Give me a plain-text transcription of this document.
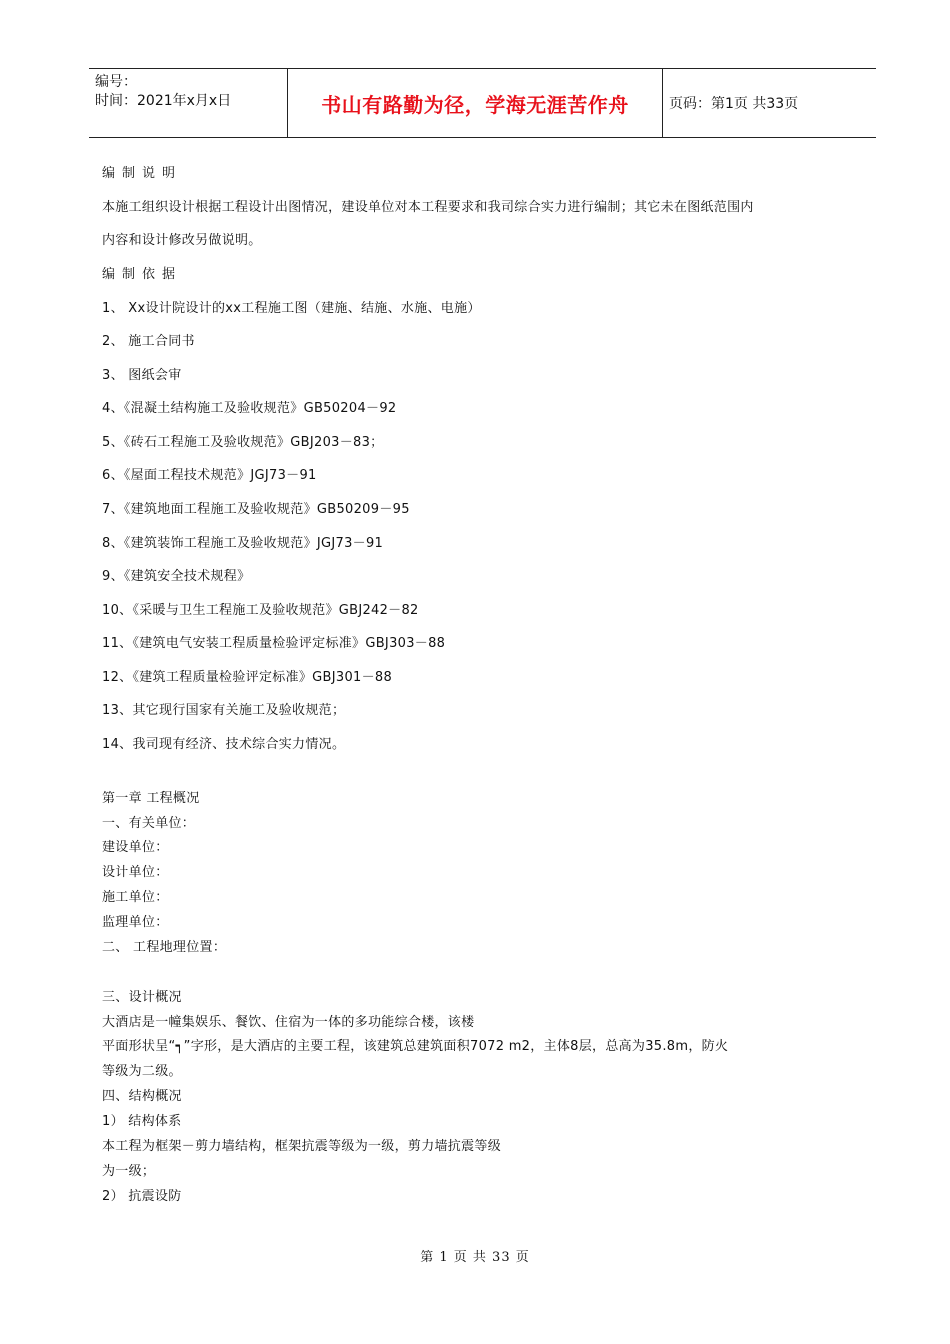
编号：
时间：2021年x月x日	书山有路勤为径，学海无涯苦作舟	页码：第1页 共33页
编制说明
本施工组织设计根据工程设计出图情况，建设单位对本工程要求和我司综合实力进行编制；其它未在图纸范围内
内容和设计修改另做说明。
编制依据
1、 Xx设计院设计的xx工程施工图（建施、结施、水施、电施）
2、 施工合同书
3、 图纸会审
4、《混凝土结构施工及验收规范》GB50204－92
5、《砖石工程施工及验收规范》GBJ203－83；
6、《屋面工程技术规范》JGJ73－91
7、《建筑地面工程施工及验收规范》GB50209－95
8、《建筑装饰工程施工及验收规范》JGJ73－91
9、《建筑安全技术规程》
10、《采暖与卫生工程施工及验收规范》GBJ242－82
11、《建筑电气安装工程质量检验评定标准》GBJ303－88
12、《建筑工程质量检验评定标准》GBJ301－88
13、其它现行国家有关施工及验收规范；
14、我司现有经济、技术综合实力情况。
第一章 工程概况
一、有关单位：
建设单位：
设计单位：
施工单位：
监理单位：
二、 工程地理位置：
三、设计概况
大酒店是一幢集娱乐、餐饮、住宿为一体的多功能综合楼，该楼
平面形状呈“┑”字形，是大酒店的主要工程，该建筑总建筑面积7072 m2，主体8层，总高为35.8m，防火
等级为二级。
四、结构概况
1） 结构体系
本工程为框架－剪力墙结构，框架抗震等级为一级，剪力墙抗震等级
为一级；
2） 抗震设防
第 1 页 共 33 页
